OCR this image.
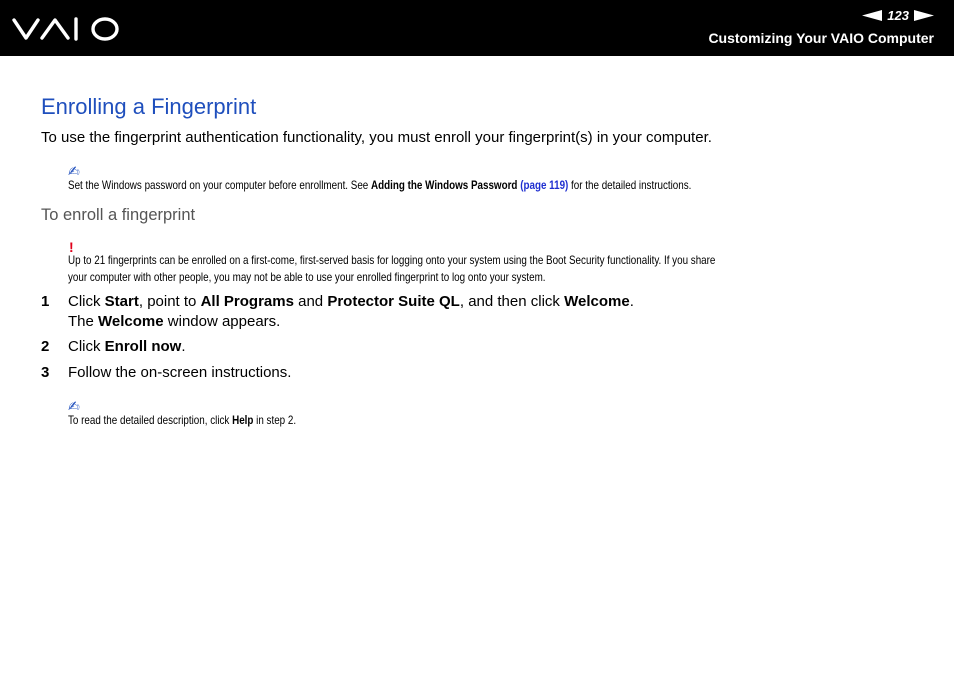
123
Customizing Your VAIO Computer
Enrolling a Fingerprint
To use the fingerprint authentication functionality, you must enroll your fingerprint(s) in your computer.
✍
Set the Windows password on your computer before enrollment. See Adding the Windows Password (page 119) for the detailed instructions.
To enroll a fingerprint
!
Up to 21 fingerprints can be enrolled on a first-come, first-served basis for logging onto your system using the Boot Security functionality. If you share
your computer with other people, you may not be able to use your enrolled fingerprint to log onto your system.
1 Click Start, point to All Programs and Protector Suite QL, and then click Welcome.
The Welcome window appears.
2 Click Enroll now.
3 Follow the on-screen instructions.
✍
To read the detailed description, click Help in step 2.
